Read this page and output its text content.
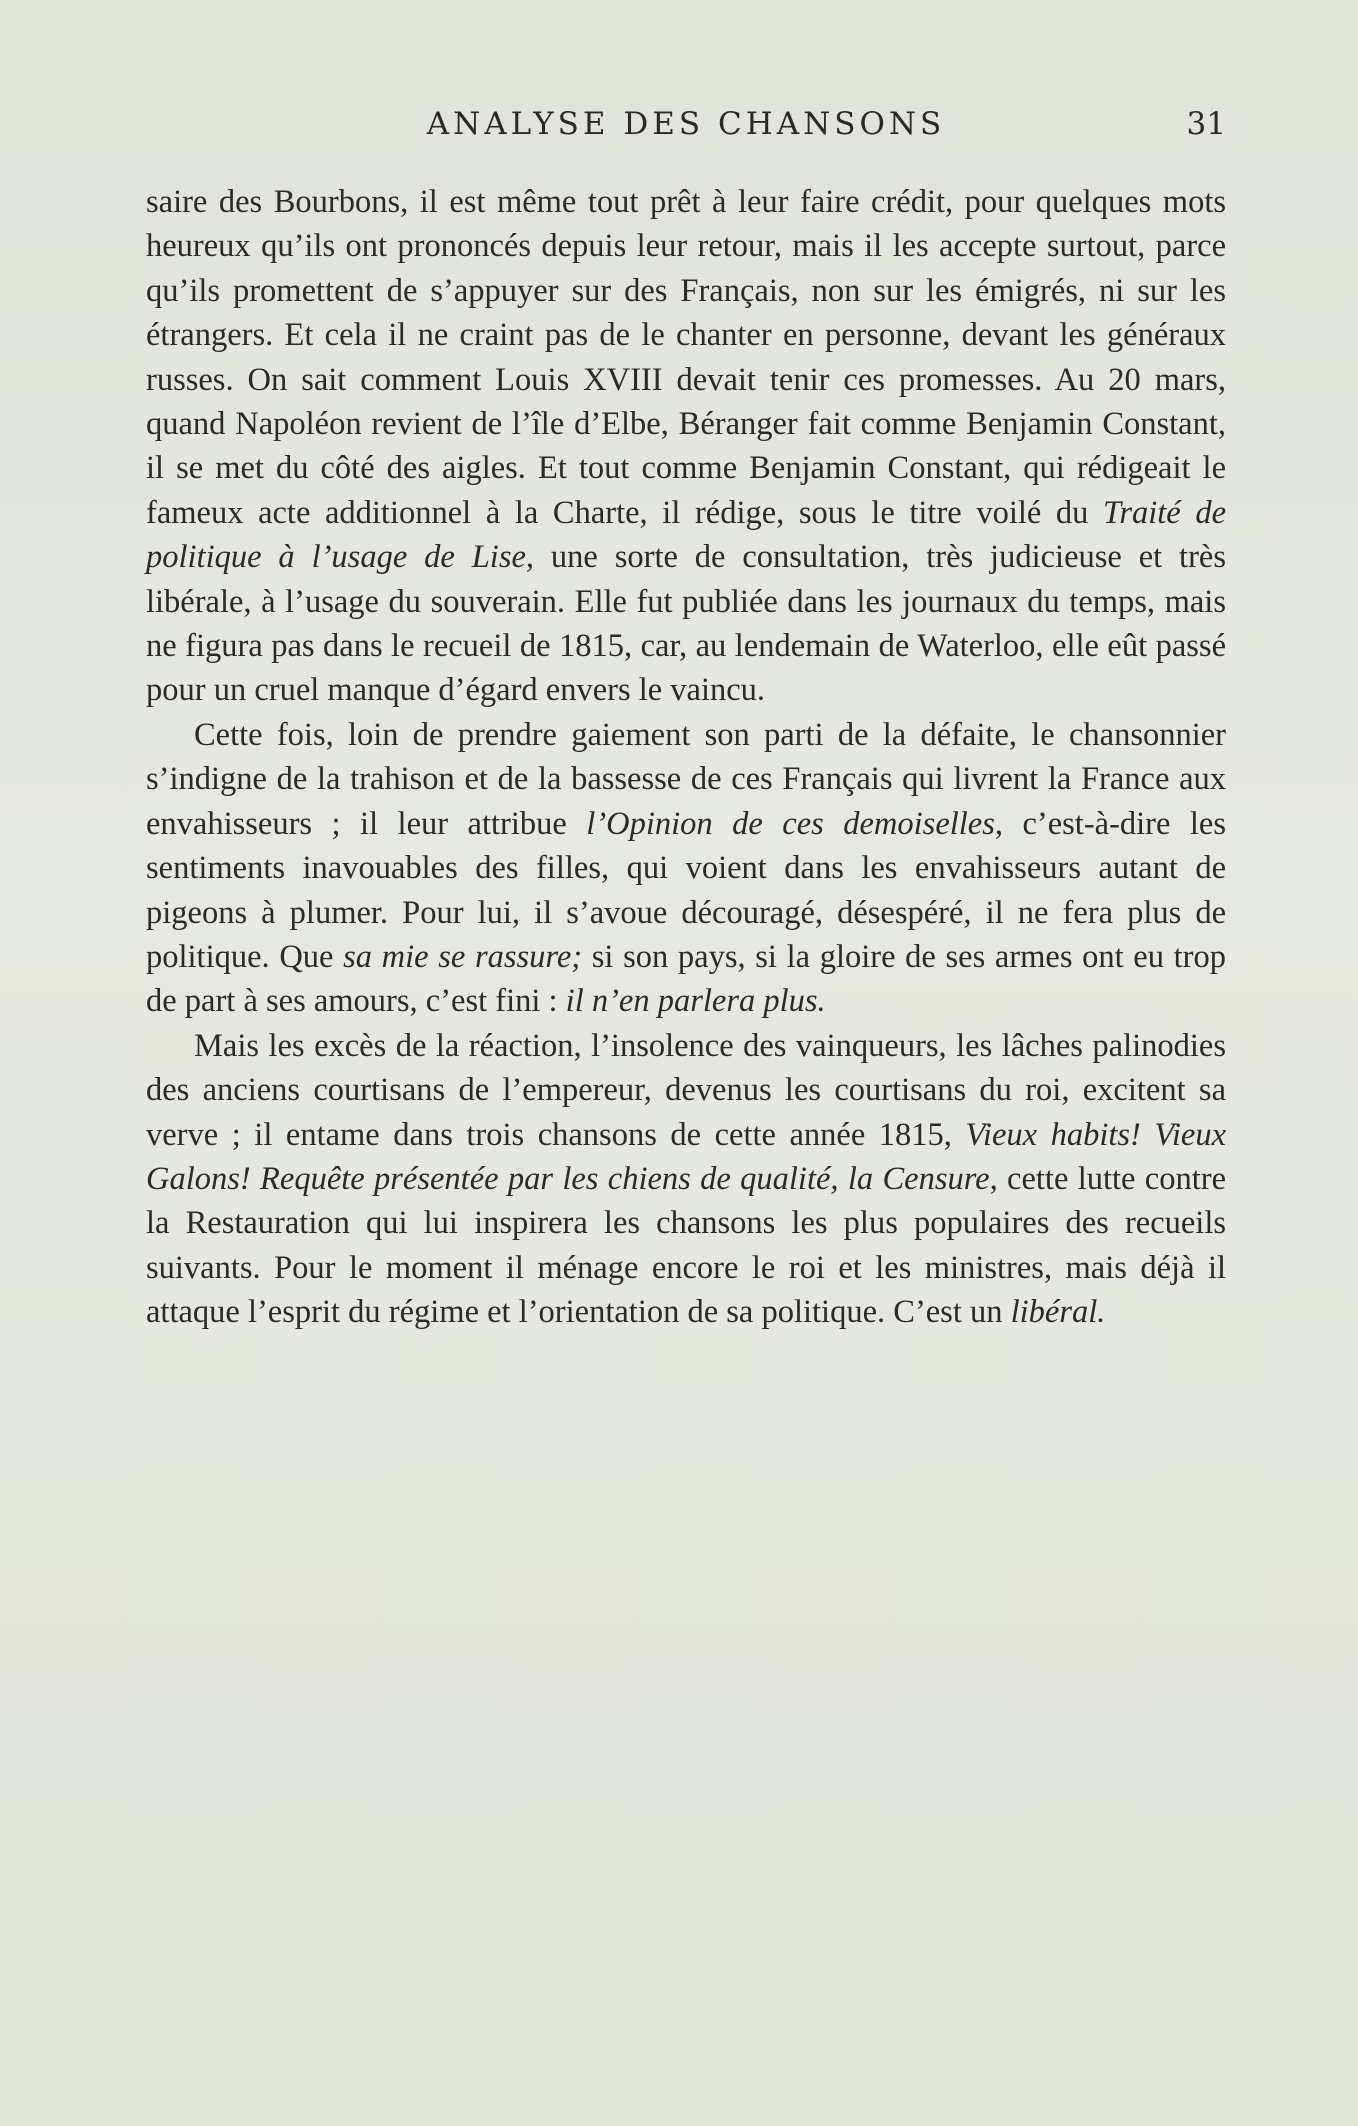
ANALYSE DES CHANSONS	31

saire des Bourbons, il est même tout prêt à leur faire crédit, pour quelques mots heureux qu’ils ont prononcés depuis leur retour, mais il les accepte surtout, parce qu’ils promettent de s’appuyer sur des Français, non sur les émigrés, ni sur les étrangers. Et cela il ne craint pas de le chanter en personne, devant les généraux russes. On sait comment Louis XVIII devait tenir ces promesses. Au 20 mars, quand Napoléon revient de l’île d’Elbe, Béranger fait comme Benjamin Constant, il se met du côté des aigles. Et tout comme Benjamin Constant, qui rédigeait le fameux acte additionnel à la Charte, il rédige, sous le titre voilé du Traité de politique à l’usage de Lise, une sorte de consultation, très judicieuse et très libérale, à l’usage du souverain. Elle fut publiée dans les journaux du temps, mais ne figura pas dans le recueil de 1815, car, au lendemain de Waterloo, elle eût passé pour un cruel manque d’égard envers le vaincu.

Cette fois, loin de prendre gaiement son parti de la défaite, le chansonnier s’indigne de la trahison et de la bassesse de ces Français qui livrent la France aux envahisseurs ; il leur attribue l’Opinion de ces demoiselles, c’est-à-dire les sentiments inavouables des filles, qui voient dans les envahisseurs autant de pigeons à plumer. Pour lui, il s’avoue découragé, désespéré, il ne fera plus de politique. Que sa mie se rassure; si son pays, si la gloire de ses armes ont eu trop de part à ses amours, c’est fini : il n’en parlera plus.

Mais les excès de la réaction, l’insolence des vainqueurs, les lâches palinodies des anciens courtisans de l’empereur, devenus les courtisans du roi, excitent sa verve ; il entame dans trois chansons de cette année 1815, Vieux habits! Vieux Galons! Requête présentée par les chiens de qualité, la Censure, cette lutte contre la Restauration qui lui inspirera les chansons les plus populaires des recueils suivants. Pour le moment il ménage encore le roi et les ministres, mais déjà il attaque l’esprit du régime et l’orientation de sa politique. C’est un libéral.
